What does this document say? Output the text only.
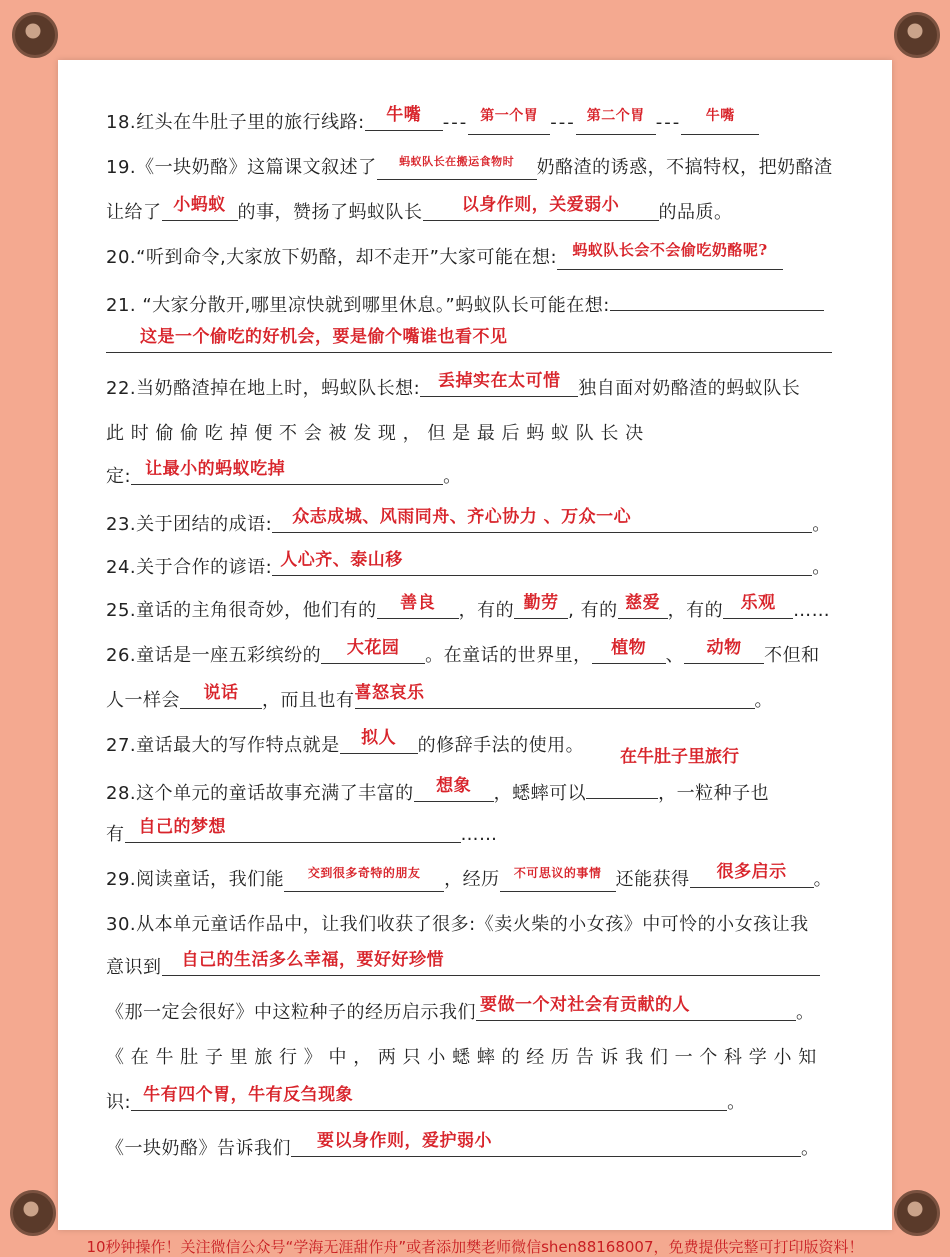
18.红头在牛肚子里的旅行线路: 牛嘴 --- $^{第一个胃}$ --- $^{第二个胃}$ --- $^{牛嘴}$
19.《一块奶酪》这篇课文叙述了 $^{蚂蚁队长在搬运食物时}$ 奶酪渣的诱惑，不搞特权，把奶酪渣
让给了 小蚂蚁 的事，赞扬了蚂蚁队长 以身作则，关爱弱小 的品质。
20.“听到命令,大家放下奶酪，却不走开”大家可能在想: $^{蚂蚁队长会不会偷吃奶酪呢?}$
21. “大家分散开,哪里凉快就到哪里休息。”蚂蚁队长可能在想:
这是一个偷吃的好机会，要是偷个嘴谁也看不见
22.当奶酪渣掉在地上时，蚂蚁队长想: 丢掉实在太可惜 独自面对奶酪渣的蚂蚁队长
此 时 偷 偷 吃 掉 便 不 会 被 发 现 ， 但 是 最 后 蚂 蚁 队 长 决
定: 让最小的蚂蚁吃掉	。
23.关于团结的成语: 众志成城、风雨同舟、齐心协力 、万众一心	。
24.关于合作的谚语: 人心齐、泰山移	。
25.童话的主角很奇妙，他们有的 善良 ，有的 勤劳 , 有的 慈爱 ，有的 乐观 ……
26.童话是一座五彩缤纷的 大花园 。在童话的世界里， 植物 、 动物 不但和
人一样会 说话 ，而且也有喜怒哀乐	。
27.童话最大的写作特点就是 拟人 的修辞手法的使用。
在牛肚子里旅行
28.这个单元的童话故事充满了丰富的 想象 ，蟋蟀可以	，一粒种子也
有 自己的梦想	……
29.阅读童话，我们能 $^{交到很多奇特的朋友}$ ，经历 $^{不可思议的事情}$ 还能获得 很多启示 。
30.从本单元童话作品中，让我们收获了很多:《卖火柴的小女孩》中可怜的小女孩让我
意识到 自己的生活多么幸福，要好好珍惜
《那一定会很好》中这粒种子的经历启示我们 要做一个对社会有贡献的人	。
《 在 牛 肚 子 里 旅 行 》 中 ， 两 只 小 蟋 蟀 的 经 历 告 诉 我 们 一 个 科 学 小 知
识: 牛有四个胃，牛有反刍现象	。
《一块奶酪》告诉我们 要以身作则，爱护弱小	。
10秒钟操作！关注微信公众号“学海无涯甜作舟”或者添加樊老师微信shen88168007，免费提供完整可打印版资料！
